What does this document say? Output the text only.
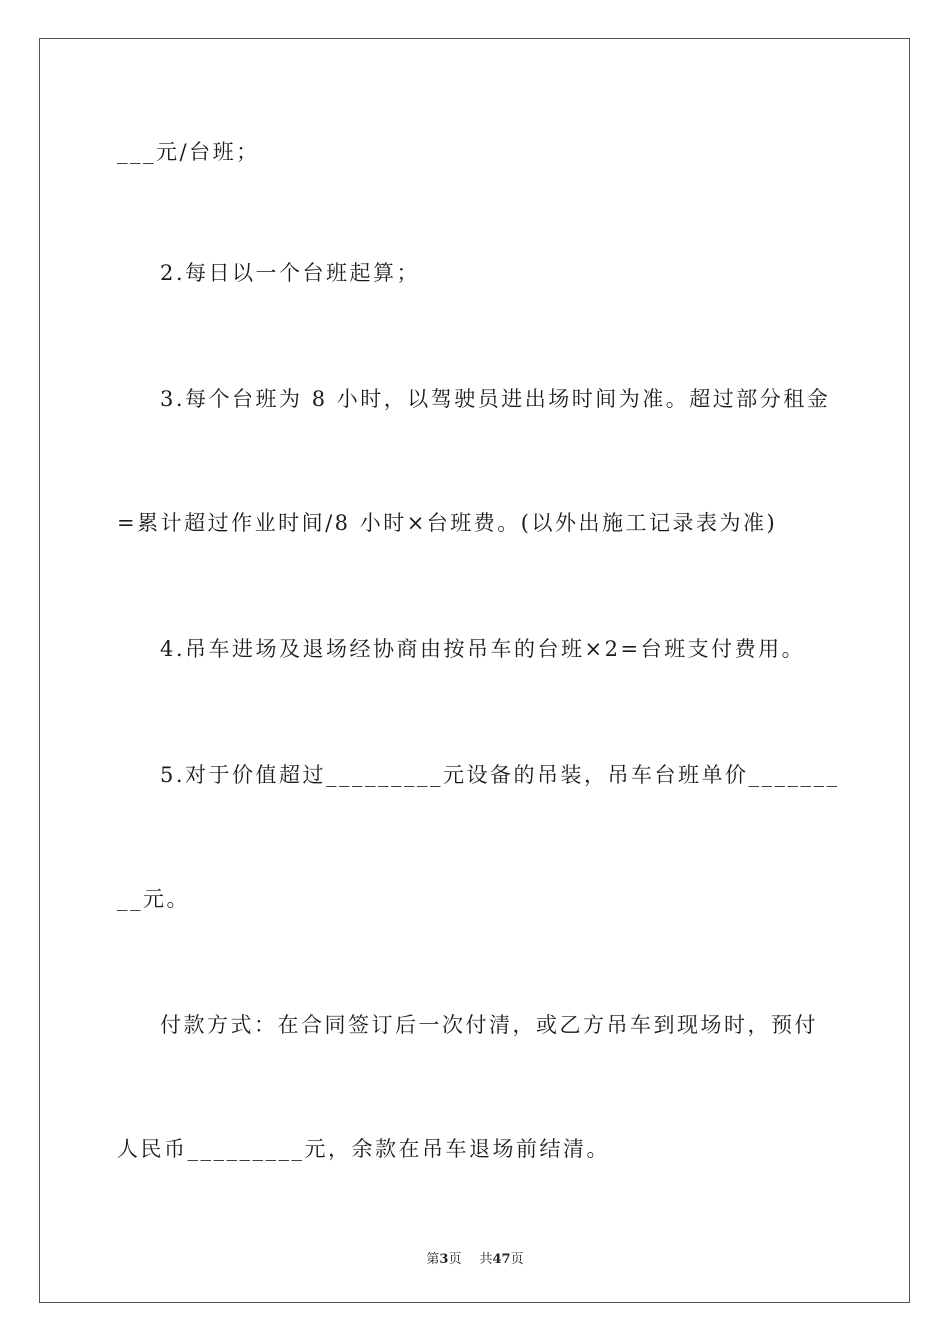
___元/台班；
2.每日以一个台班起算；
3.每个台班为 8 小时，以驾驶员进出场时间为准。超过部分租金
=累计超过作业时间/8 小时×台班费。(以外出施工记录表为准)
4.吊车进场及退场经协商由按吊车的台班×2=台班支付费用。
5.对于价值超过_________元设备的吊装，吊车台班单价_______
__元。
付款方式：在合同签订后一次付清，或乙方吊车到现场时，预付
人民币_________元，余款在吊车退场前结清。
第3页 共47页
